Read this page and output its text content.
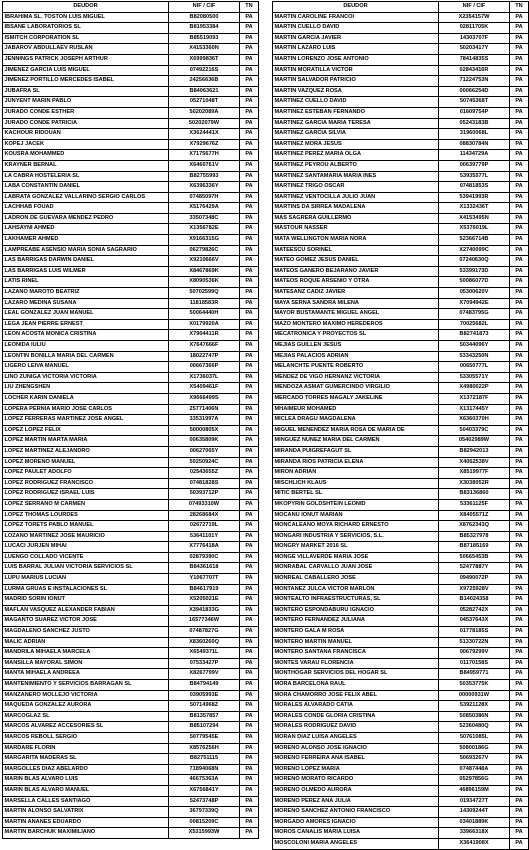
DEUDOR	NIF / CIF	TN
IBRAHIMA SL. TOSTON LUIS MIGUEL	B82080500	PA
IBSANE LABORATORIOS SL	B81953384	PA
ISMITCH CORPORATION SL	B85519093	PA
JABAROV ABDULLAEV RUSLAN	X4153360N	PA
JENNINGS PATRICK JOSEPH ARTHUR	X6999836T	PA
JIMENEZ GARCIA LUIS MIGUEL	07492216S	PA
JIMENEZ PORTILLO MERCEDES ISABEL	24256636B	PA
JUBAFRA SL	B84063621	PA
JUNYENT MARIN PABLO	05271048T	PA
JURADO CONDE ESTHER	50202089A	PA
JURADO CONDE PATRICIA	50202079W	PA
KACHOUR RIDOUAN	X3624441X	PA
KOPEJ JACEK	X7929676Z	PA
KOUSRA MOHAMMED	X7175677H	PA
KRAYNER BERNAL	X6460761V	PA
LA CABRA HOSTELERIA SL	B82755993	PA
LABA CONSTANTIN DANIEL	X6396336Y	PA
LABRATA GONZALEZ VALLARINO SERGIO CARLOS	07485097H	PA
LACHHAB FOUAD	X5176429A	PA
LADRON DE GUEVARA MENDEZ PEDRO	33507348C	PA
LAHSAYNI AHMED	X1356782E	PA
LAKHAMER AHMED	X9166315G	PA
LAMPREABE ASENSIO MARIA SONIA SAGRARIO	06279826C	PA
LAS BARRIGAS DARWIN DANIEL	X9210666V	PA
LAS BARRIGAS LUIS WILMER	X8467869K	PA
LATIS RINEL	X8090536K	PA
LAZANO MAROTO BEATRIZ	50702599Q	PA
LAZARO MEDINA SUSANA	11818583R	PA
LEAL GONZALEZ JUAN MANUEL	50064440H	PA
LEGA JEAN PIERRE ERNEST	X0179920A	PA
LEON ACOSTA MONICA CRISTINA	X7904411R	PA
LEONIDA IULIU	X7647666F	PA
LEONTIN BONILLA MARIA DEL CARMEN	18022747P	PA
LIGERO LEIVA MANUEL	00667366P	PA
LINO ZUNIGA VICTORIA VICTORIA	X1736037L	PA
LIU ZHENGSHEN	X5409461F	PA
LOCHER KARIN DANIELA	X9666499S	PA
LOPERA PERNIA MARIO JOSE CARLOS	25771406N	PA
LOPEZ FERRERAS MARTINEZ JOSE ANGEL	33531997A	PA
LOPEZ LOPEZ FELIX	50000805X	PA
LOPEZ MARTIN MARTA MARIA	00635809K	PA
LOPEZ MARTINEZ ALEJANDRO	00627065Y	PA
LOPEZ MORENO MANUEL	50250924C	PA
LOPEZ PAULET ADOLFO	02543655Z	PA
LOPEZ RODRIGUEZ FRANCISCO	07481828S	PA
LOPEZ RODRIGUEZ ISRAEL LUIS	50393712P	PA
LOPEZ SERRANO M CARMEN	07493310W	PA
LOPEZ THOMAS LOURDES	28268684X	PA
LOPEZ TORETS PABLO MANUEL	02672719L	PA
LOZANO MARTINEZ JOSE MAURICIO	53641101Y	PA
LUCACI JURJEN MIHAI	X7776418A	PA
LUENGO COLLADO VICENTE	02879390C	PA
LUIS BARRAL JULIAN VICTORIA SERVICIOS SL	B84361618	PA
LUPU MARIUS LUCIAN	Y1067707T	PA
LURMA GRUAS E INSTALACIONES SL	B84617919	PA
MADRID SORIN IONUT	X5205021E	PA
MAFLAN VASQUEZ ALEXANDER FABIAN	X3941833G	PA
MAGANTO SUAREZ VICTOR JOSE	16577346W	PA
MAGDALENO SANCHEZ JUSTO	07487827G	PA
MALIC ADRIAN	X8360260Q	PA
MANDRILA MIHAELA MARCELA	X6549371L	PA
MANSILLA MAYORAL SIMON	07533427P	PA
MANTA MIHAELA ANDREEA	X8267799V	PA
MANTENIMIENTO Y SERVICIOS BARRAGAN SL	B84794149	PA
MANZANERO MOLLEJO VICTORIA	03905993E	PA
MAQUEDA GONZALEZ AURORA	50714968Z	PA
MARCOGLAZ SL	B81357857	PA
MARCOS ALVAREZ ACCESORIES SL	B85107294	PA
MARCOS REBOLL SERGIO	50779545E	PA
MARDARE FLORIN	X8576256H	PA
MARGARITA MADERAS SL	B82751115	PA
MARGOLLES DIAZ ABELARDO	71894068N	PA
MARIN BLAS ALVARO LUIS	46675363A	PA
MARIN BLAS ALVARO MANUEL	X6756841Y	PA
MARSELLA CALLES SANTIAGO	52473748P	PA
MARTIN ALONSO SALVATRIX	36797339Q	PA
MARTIN ANANES EDUARDO	00815209C	PA
MARTIN BARCHUK MAXIMILIANO	X5315993W	PA
DEUDOR	NIF / CIF	TN
MARTIN CAROLINE FRANCOI	X2354157W	PA
MARTIN CUELLO DAVID	02811705K	PA
MARTIN GARCIA JAVIER	14303707F	PA
MARTIN LAZARO LUIS	50203417Y	PA
MARTIN LORENZO JOSE ANTONIO	78414835S	PA
MARTIN MORATILLA VICTOR	02843416R	PA
MARTIN SALVADOR PATRICIO	71224753N	PA
MARTIN VAZQUEZ ROSA	00066254D	PA
MARTINEZ CUELLO DAVID	50745368T	PA
MARTINEZ ESTEBAN FERNANDO	01609754P	PA
MARTINEZ GARCIA MARIA TERESA	05243183B	PA
MARTINEZ GARCIA SILVIA	31960068L	PA
MARTINEZ MORA JESUS	08830784N	PA
MARTINEZ PEREZ MARIA OLGA	11434729A	PA
MARTINEZ PEYROU ALBERTO	00639779P	PA
MARTINEZ SANTAMARIA MARIA INES	53935577L	PA
MARTINEZ TRIGO OSCAR	07481853S	PA
MARTINEZ VENTOCILLA JULIO JUAN	53941993R	PA
MARTINS DA SIRREA MADALENA	X1332436T	PA
MAS SAGRERA GUILLERMO	X4153495N	PA
MASTOUR NASSER	X5376019L	PA
MATA WELLINGTON MARIA NORA	52366714B	PA
MATEESCU SORINEL	X2740099C	PA
MATEO GOMEZ JESUS DANIEL	07240630Q	PA
MATEOS GANERO BEJARANO JAVIER	53399173D	PA
MATEOS ROQUE ARSENIO Y OTRA	50086077D	PA
MATESANZ CADIZ JAVIER	05300620V	PA
MAYA SERNA SANDRA MILENA	X7094942E	PA
MAYOR BUSTAMANTE MIGUEL ANGEL	07483795G	PA
MAZO MONTERO MAXIMO HEREDEROS	70025682L	PA
MECATRONICA Y PROYECTOS SL	B82741873	PA
MEJIAS GUILLEN JESUS	50344096Y	PA
MEJIAS PALACIOS ADRIAN	53343250N	PA
MELANCHTE PUENTE ROBERTO	00650777L	PA
MENDEZ DE VIGO HERNANZ VICTORIA	53305571Y	PA
MENDOZA ASMAT GUMERCINDO VIRGILIO	X4980022P	PA
MERCADO TORRES MAGALY JAKELINE	X1372187F	PA
MHAIMEUR MOHAMED	X1317445Y	PA
MICLEA DRAGU MAGDALENA	X6360370H	PA
MIGUEL MENENDEZ MARIA ROSA DE MARIA DE	50403379C	PA
MINGUEZ NUNEZ MARIA DEL CARMEN	05402989W	PA
MIRANDA PUIGREFAGUT SL	B82942013	PA
MIRANDA RIOS PATRICIA ELENA	X4062538V	PA
MIRON ADRIAN	X8519977F	PA
MISCHLICH KLAUS	X3038052R	PA
MITIC BERTEL SL	B83136860	PA
MKOPYRIN GOLDSHTEIN LEONID	53361125F	PA
MOCANU IONUT MARIAN	X8405571Z	PA
MONCALEANO MOYA RICHARD ERNESTO	X8762343Q	PA
MONGARI INDUSTRIA Y SERVICIOS, S.L.	B85327978	PA
MONGRY MARKET 2016 SL	B87185169	PA
MONGE VILLAVERDE MARIA JOSE	50665453B	PA
MONRABAL CARVALLO JUAN JOSE	52477887Y	PA
MONREAL CABALLERO JOSE	09490072P	PA
MONTANEZ JULCA VICTOR MARLON	X9725928V	PA
MONTEALTO INFRAESTRUCTURAS, SL	B14024358	PA
MONTERO ESPONDABURU IGNACIO	05282742X	PA
MONTERO FERNANDEZ JULIANA	04537643X	PA
MONTERO GALA M ROSA	01778185S	PA
MONTERO MARTIN MANUEL	51330722N	PA
MONTERO SANTANA FRANCISCA	00679299V	PA
MONTES VARAU FLORENCIA	01170158S	PA
MONTHOGAR SERVICIOS DEL HOGAR SL	B84959771	PA
MORA BARCELONA RAUL	50353775K	PA
MORA CHAMORRO JOSE FELIX ABEL	00000931W	PA
MORALES ALVARADO CATIA	53921128X	PA
MORALES CONDE GLORIA CRISTINA	50850386N	PA
MORALES RODRIGUEZ DAVID	52360480Q	PA
MORAN DIAZ LUISA ANGELES	50761085L	PA
MORENO ALONSO JOSE IGNACIO	50800186G	PA
MORENO FERREIRA ANA ISABEL	50693267V	PA
MORENO LOPEZ MARIA	07487448A	PA
MORENO MORATO RICARDO	05297856G	PA
MORENO OLMEDO AURORA	46896159M	PA
MORENO PEREZ ANA JULIA	01934727T	PA
MORENO SANCHEZ ANTONIO FRANCISCO	14309244T	PA
MORGADO AMORES IGNACIO	03401889K	PA
MOROS CANALIS MARIA LUISA	33966318X	PA
MOSCOLONI MARIA ANGELES	X3641908X	PA
